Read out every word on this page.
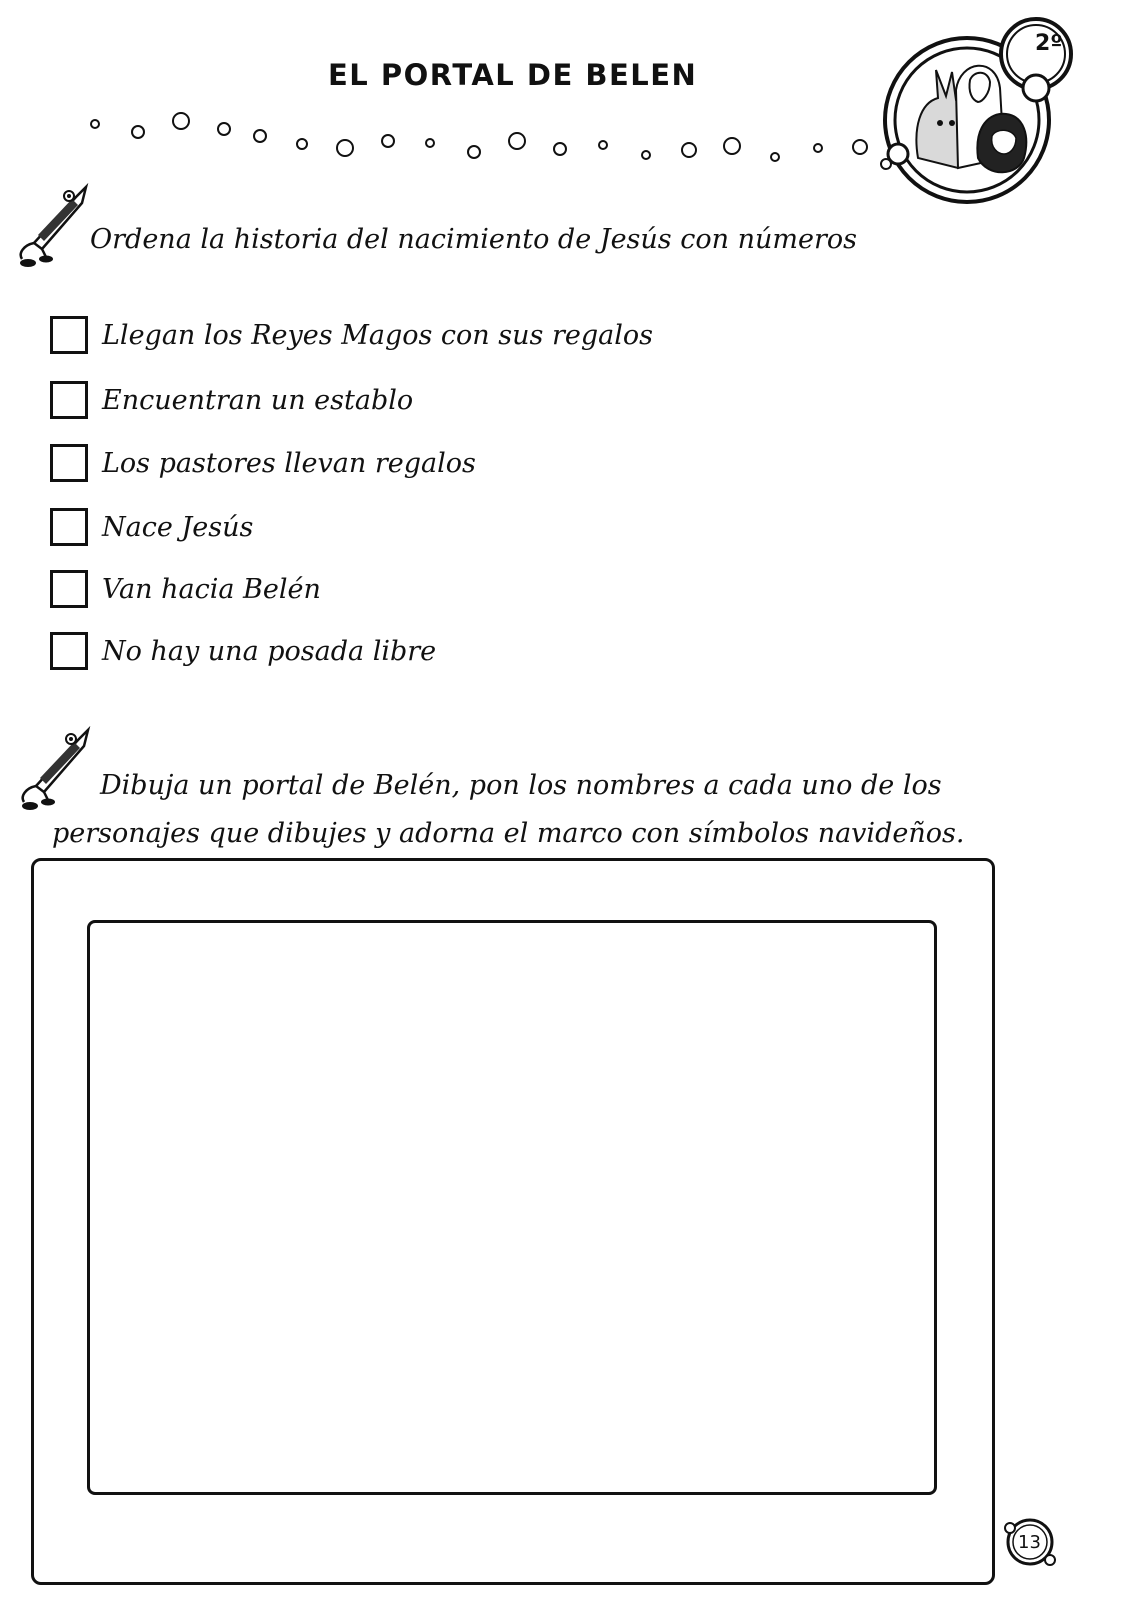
EL PORTAL DE BELEN
2º
Ordena la historia del nacimiento de Jesús con números
Llegan los Reyes Magos con sus regalos
Encuentran un establo
Los pastores llevan regalos
Nace Jesús
Van hacia Belén
No hay una posada libre
Dibuja un portal de Belén, pon los nombres a cada uno de los
personajes que dibujes y adorna el marco con símbolos navideños.
13
